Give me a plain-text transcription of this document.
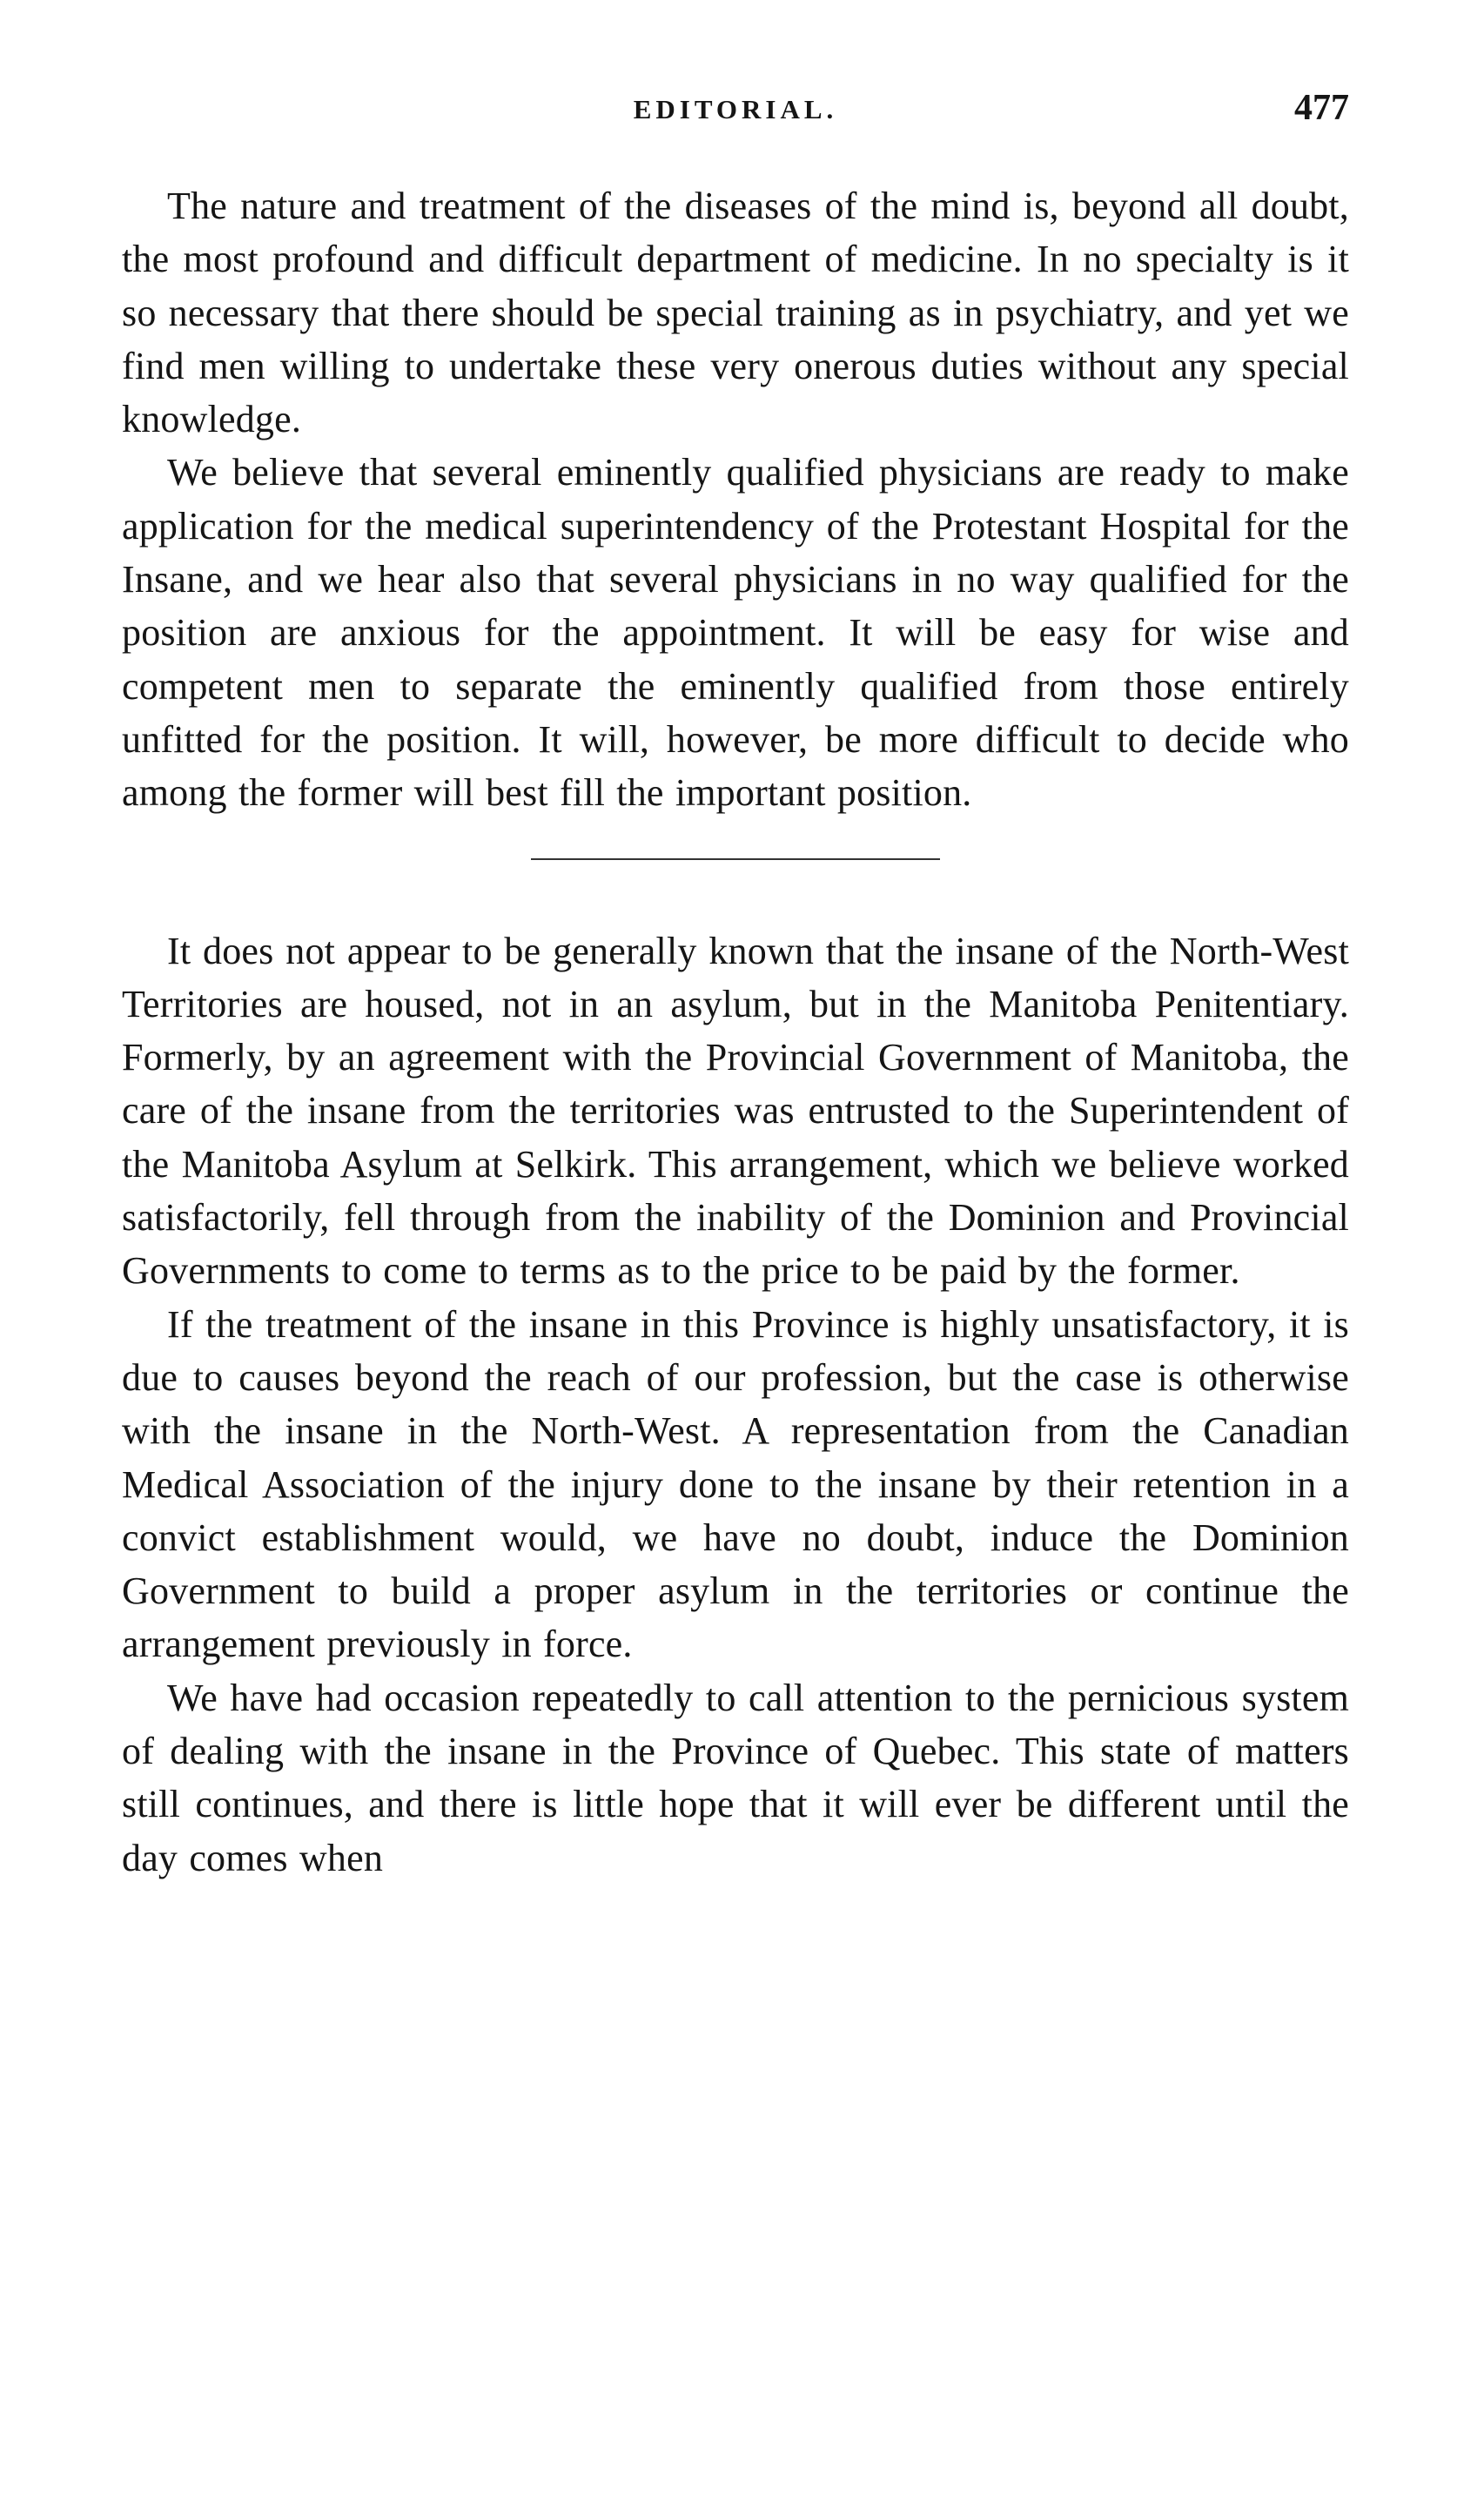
EDITORIAL.	477

The nature and treatment of the diseases of the mind is, beyond all doubt, the most profound and difficult department of medicine. In no specialty is it so necessary that there should be special training as in psychiatry, and yet we find men willing to undertake these very onerous duties without any special knowledge.

We believe that several eminently qualified physicians are ready to make application for the medical superintendency of the Protestant Hospital for the Insane, and we hear also that several physicians in no way qualified for the position are anxious for the appointment. It will be easy for wise and competent men to separate the eminently qualified from those entirely unfitted for the position. It will, however, be more difficult to decide who among the former will best fill the important position.

It does not appear to be generally known that the insane of the North-West Territories are housed, not in an asylum, but in the Manitoba Penitentiary. Formerly, by an agreement with the Provincial Government of Manitoba, the care of the insane from the territories was entrusted to the Superintendent of the Manitoba Asylum at Selkirk. This arrangement, which we believe worked satisfactorily, fell through from the inability of the Dominion and Provincial Governments to come to terms as to the price to be paid by the former.

If the treatment of the insane in this Province is highly unsatisfactory, it is due to causes beyond the reach of our profession, but the case is otherwise with the insane in the North-West. A representation from the Canadian Medical Association of the injury done to the insane by their retention in a convict establishment would, we have no doubt, induce the Dominion Government to build a proper asylum in the territories or continue the arrangement previously in force.

We have had occasion repeatedly to call attention to the pernicious system of dealing with the insane in the Province of Quebec. This state of matters still continues, and there is little hope that it will ever be different until the day comes when
